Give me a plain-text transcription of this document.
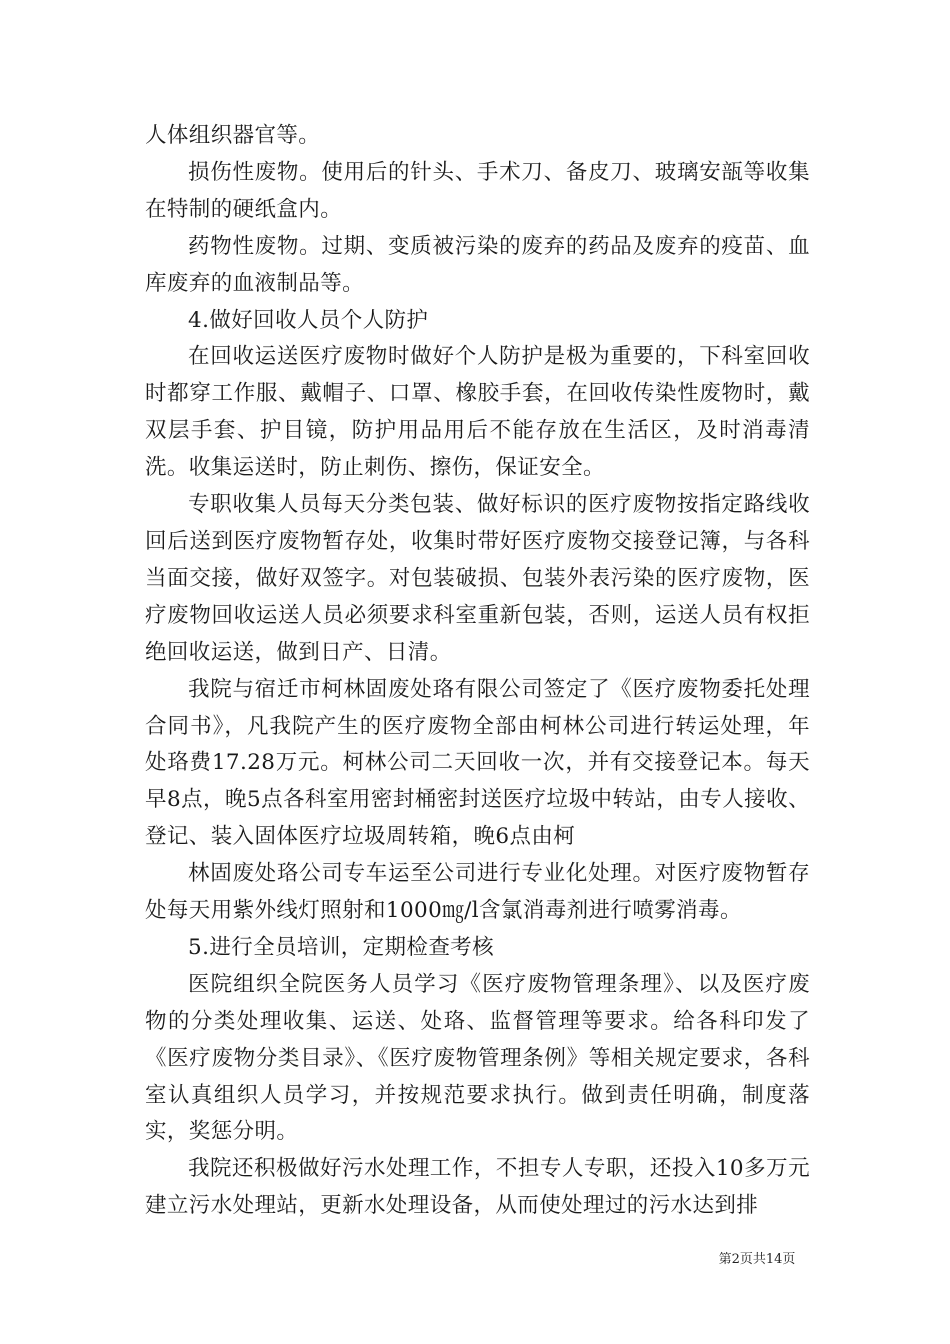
人体组织器官等。

损伤性废物。使用后的针头、手术刀、备皮刀、玻璃安瓿等收集在特制的硬纸盒内。

药物性废物。过期、变质被污染的废弃的药品及废弃的疫苗、血库废弃的血液制品等。

4.做好回收人员个人防护

在回收运送医疗废物时做好个人防护是极为重要的，下科室回收时都穿工作服、戴帽子、口罩、橡胶手套，在回收传染性废物时，戴双层手套、护目镜，防护用品用后不能存放在生活区，及时消毒清洗。收集运送时，防止刺伤、擦伤，保证安全。

专职收集人员每天分类包装、做好标识的医疗废物按指定路线收回后送到医疗废物暂存处，收集时带好医疗废物交接登记簿，与各科当面交接，做好双签字。对包装破损、包装外表污染的医疗废物，医疗废物回收运送人员必须要求科室重新包装，否则，运送人员有权拒绝回收运送，做到日产、日清。

我院与宿迁市柯林固废处珞有限公司签定了《医疗废物委托处理合同书》，凡我院产生的医疗废物全部由柯林公司进行转运处理，年处珞费17.28万元。柯林公司二天回收一次，并有交接登记本。每天早8点，晚5点各科室用密封桶密封送医疗垃圾中转站，由专人接收、登记、装入固体医疗垃圾周转箱，晚6点由柯

林固废处珞公司专车运至公司进行专业化处理。对医疗废物暂存处每天用紫外线灯照射和1000㎎/l含氯消毒剂进行喷雾消毒。

5.进行全员培训，定期检查考核

医院组织全院医务人员学习《医疗废物管理条理》、以及医疗废物的分类处理收集、运送、处珞、监督管理等要求。给各科印发了《医疗废物分类目录》、《医疗废物管理条例》等相关规定要求，各科室认真组织人员学习，并按规范要求执行。做到责任明确，制度落实，奖惩分明。

我院还积极做好污水处理工作，不担专人专职，还投入10多万元建立污水处理站，更新水处理设备，从而使处理过的污水达到排

第2页共14页
